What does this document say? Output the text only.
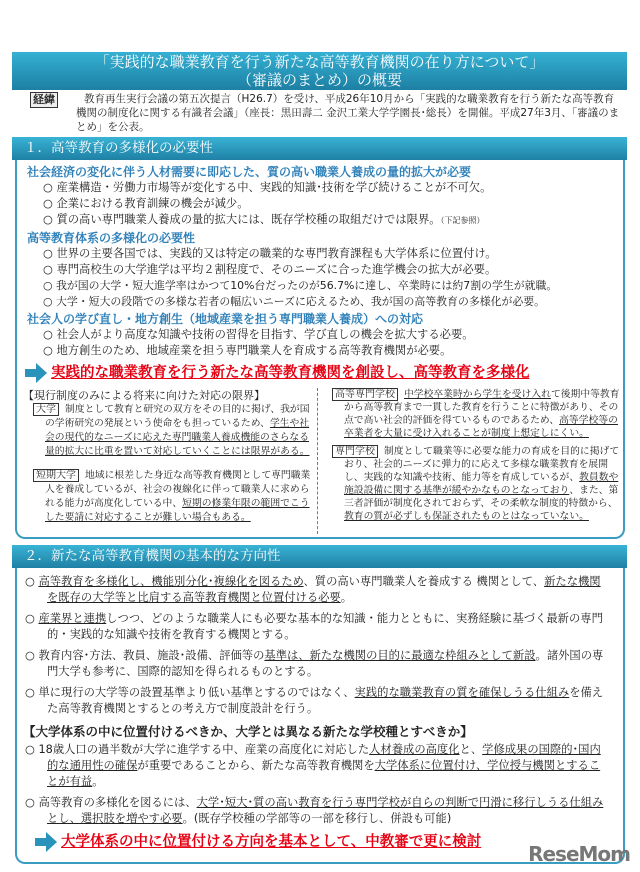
「実践的な職業教育を行う新たな高等教育機関の在り方について」
（審議のまとめ）の概要
経緯	教育再生実行会議の第五次提言（H26.7）を受け、平成26年10月から「実践的な職業教育を行う新たな高等教育機関の制度化に関する有識者会議」（座長：黒田壽二 金沢工業大学学園長･総長）を開催。平成27年3月、「審議のまとめ」を公表。
１．高等教育の多様化の必要性
社会経済の変化に伴う人材需要に即応した、質の高い職業人養成の量的拡大が必要
○ 産業構造・労働力市場等が変化する中、実践的知識･技術を学び続けることが不可欠。
○ 企業における教育訓練の機会が減少。
○ 質の高い専門職業人養成の量的拡大には、既存学校種の取組だけでは限界。（下記参照）
高等教育体系の多様化の必要性
○ 世界の主要各国では、実践的又は特定の職業的な専門教育課程も大学体系に位置付け。
○ 専門高校生の大学進学は平均２割程度で、そのニーズに合った進学機会の拡大が必要。
○ 我が国の大学・短大進学率はかつて10%台だったのが56.7%に達し、卒業時には約7割の学生が就職。
○ 大学・短大の段階での多様な若者の幅広いニーズに応えるため、我が国の高等教育の多様化が必要。
社会人の学び直し・地方創生（地域産業を担う専門職業人養成）への対応
○ 社会人がより高度な知識や技術の習得を目指す、学び直しの機会を拡大する必要。
○ 地方創生のため、地域産業を担う専門職業人を育成する高等教育機関が必要。
実践的な職業教育を行う新たな高等教育機関を創設し、高等教育を多様化
【現行制度のみによる将来に向けた対応の限界】
大学 制度として教育と研究の双方をその目的に掲げ、我が国の学術研究の発展という使命をも担っているため、学生や社会の現代的なニーズに応えた専門職業人養成機能のさらなる量的拡大に比重を置いて対応していくことには限界がある。
短期大学 地域に根差した身近な高等教育機関として専門職業人を養成しているが、社会の複線化に伴って職業人に求められる能力が高度化している中、短期の修業年限の範囲でこうした要請に対応することが難しい場合もある。
高等専門学校 中学校卒業時から学生を受け入れて後期中等教育から高等教育まで一貫した教育を行うことに特徴があり、その点で高い社会的評価を得ているものであるため、高等学校等の卒業者を大量に受け入れることが制度上想定しにくい。
専門学校 制度として職業等に必要な能力の育成を目的に掲げており、社会的ニーズに弾力的に応えて多様な職業教育を展開し、実践的な知識や技術、能力等を育成しているが、教員数や施設設備に関する基準が緩やかなものとなっており、また、第三者評価が制度化されておらず、その柔軟な制度的特徴から、教育の質が必ずしも保証されたものとはなっていない。
２．新たな高等教育機関の基本的な方向性
○ 高等教育を多様化し、機能別分化･複線化を図るため、質の高い専門職業人を養成する 機関として、新たな機関を既存の大学等と比肩する高等教育機関と位置付ける必要。
○ 産業界と連携しつつ、どのような職業人にも必要な基本的な知識・能力とともに、実務経験に基づく最新の専門的・実践的な知識や技術を教育する機関とする。
○ 教育内容･方法、教員、施設･設備、評価等の基準は、新たな機関の目的に最適な枠組みとして新設。諸外国の専門大学も参考に、国際的認知を得られるものとする。
○ 単に現行の大学等の設置基準より低い基準とするのではなく、実践的な職業教育の質を確保しうる仕組みを備えた高等教育機関とするとの考え方で制度設計を行う。
【大学体系の中に位置付けるべきか、大学とは異なる新たな学校種とすべきか】
○ 18歳人口の過半数が大学に進学する中、産業の高度化に対応した人材養成の高度化と、学修成果の国際的･国内的な通用性の確保が重要であることから、新たな高等教育機関を大学体系に位置付け、学位授与機関とすることが有益。
○ 高等教育の多様化を図るには、大学･短大･質の高い教育を行う専門学校が自らの判断で円滑に移行しうる仕組みとし、選択肢を増やす必要。(既存学校種の学部等の一部を移行し、併設も可能)
大学体系の中に位置付ける方向を基本として、中教審で更に検討 ReseMom
